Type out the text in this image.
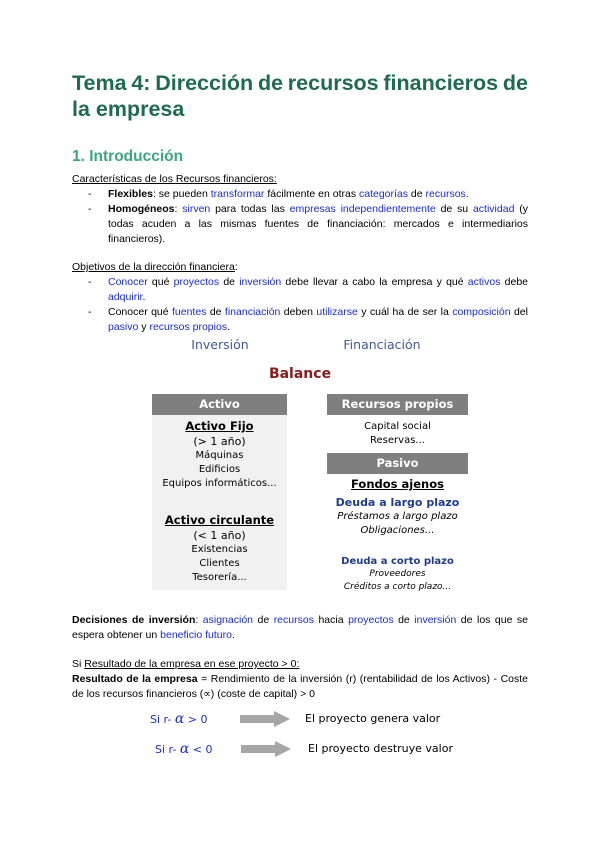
Tema 4: Dirección de recursos financieros de
la empresa
1. Introducción
Características de los Recursos financieros:
- Flexibles: se pueden transformar fácilmente en otras categorías de recursos.
- Homogéneos: sirven para todas las empresas independientemente de su actividad (y todas acuden a las mismas fuentes de financiación: mercados e intermediarios financieros).
Objetivos de la dirección financiera:
- Conocer qué proyectos de inversión debe llevar a cabo la empresa y qué activos debe adquirir.
- Conocer qué fuentes de financiación deben utilizarse y cuál ha de ser la composición del pasivo y recursos propios.
Inversión	Financiación
Balance
Activo
Activo Fijo
(> 1 año)
Máquinas
Edificios
Equipos informáticos...
Activo circulante
(< 1 año)
Existencias
Clientes
Tesorería...
Recursos propios
Capital social
Reservas...
Pasivo
Fondos ajenos
Deuda a largo plazo
Préstamos a largo plazo
Obligaciones...
Deuda a corto plazo
Proveedores
Créditos a corto plazo...
Decisiones de inversión: asignación de recursos hacia proyectos de inversión de los que se espera obtener un beneficio futuro.
Si Resultado de la empresa en ese proyecto > 0:
Resultado de la empresa = Rendimiento de la inversión (r) (rentabilidad de los Activos) - Coste de los recursos financieros (∝) (coste de capital) > 0
Si r- α > 0	El proyecto genera valor
Si r- α < 0	El proyecto destruye valor
